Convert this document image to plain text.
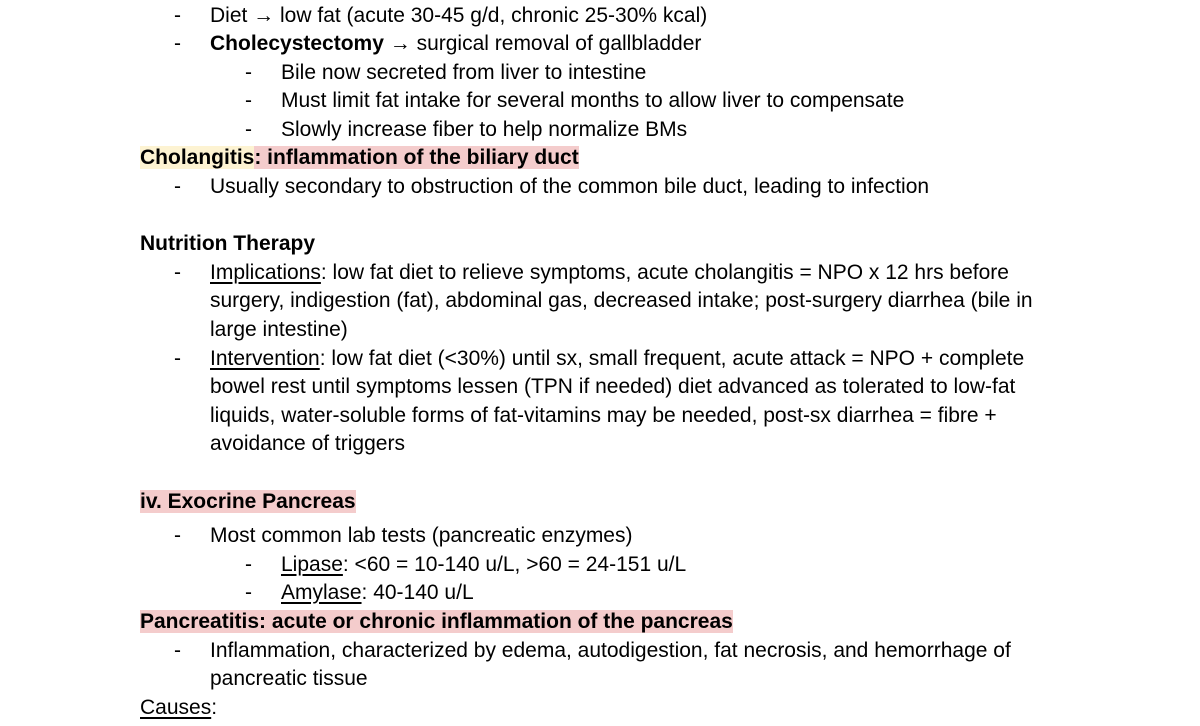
- Diet → low fat (acute 30-45 g/d, chronic 25-30% kcal)
- Cholecystectomy → surgical removal of gallbladder
- Bile now secreted from liver to intestine
- Must limit fat intake for several months to allow liver to compensate
- Slowly increase fiber to help normalize BMs
Cholangitis: inflammation of the biliary duct
- Usually secondary to obstruction of the common bile duct, leading to infection
Nutrition Therapy
- Implications: low fat diet to relieve symptoms, acute cholangitis = NPO x 12 hrs before
surgery, indigestion (fat), abdominal gas, decreased intake; post-surgery diarrhea (bile in
large intestine)
- Intervention: low fat diet (<30%) until sx, small frequent, acute attack = NPO + complete
bowel rest until symptoms lessen (TPN if needed) diet advanced as tolerated to low-fat
liquids, water-soluble forms of fat-vitamins may be needed, post-sx diarrhea = fibre +
avoidance of triggers
iv. Exocrine Pancreas
- Most common lab tests (pancreatic enzymes)
- Lipase: <60 = 10-140 u/L, >60 = 24-151 u/L
- Amylase: 40-140 u/L
Pancreatitis: acute or chronic inflammation of the pancreas
- Inflammation, characterized by edema, autodigestion, fat necrosis, and hemorrhage of
pancreatic tissue
Causes:
